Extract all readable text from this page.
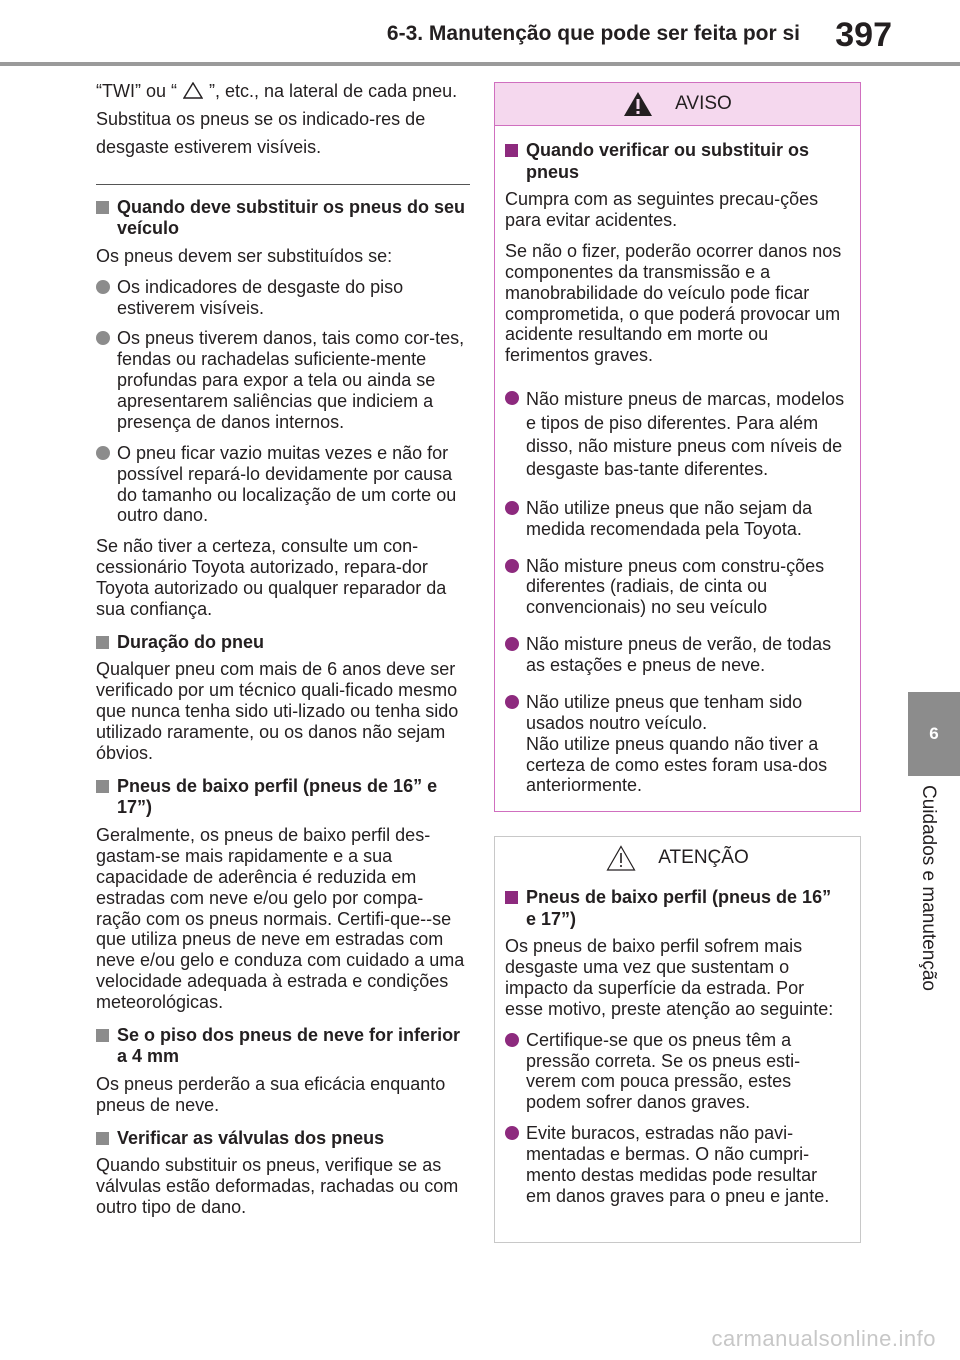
6-3. Manutenção que pode ser feita por si 397
6
Cuidados e manutenção

“TWI” ou “ ”, etc., na lateral de cada pneu. Substitua os pneus se os indicado-res de desgaste estiverem visíveis.

Quando deve substituir os pneus do seu veículo

Os pneus devem ser substituídos se:

Os indicadores de desgaste do piso estiverem visíveis.
Os pneus tiverem danos, tais como cor-tes, fendas ou rachadelas suficiente-mente profundas para expor a tela ou ainda se apresentarem saliências que indiciem a presença de danos internos.
O pneu ficar vazio muitas vezes e não for possível repará-lo devidamente por causa do tamanho ou localização de um corte ou outro dano.

Se não tiver a certeza, consulte um con-cessionário Toyota autorizado, repara-dor Toyota autorizado ou qualquer reparador da sua confiança.

Duração do pneu

Qualquer pneu com mais de 6 anos deve ser verificado por um técnico quali-ficado mesmo que nunca tenha sido uti-lizado ou tenha sido utilizado raramente, ou os danos não sejam óbvios.

Pneus de baixo perfil (pneus de 16” e 17”)

Geralmente, os pneus de baixo perfil des-gastam-se mais rapidamente e a sua capacidade de aderência é reduzida em estradas com neve e/ou gelo por compa-ração com os pneus normais. Certifi-que--se que utiliza pneus de neve em estradas com neve e/ou gelo e conduza com cuidado a uma velocidade adequada à estrada e condições meteorológicas.

Se o piso dos pneus de neve for inferior a 4 mm

Os pneus perderão a sua eficácia enquanto pneus de neve.

Verificar as válvulas dos pneus

Quando substituir os pneus, verifique se as válvulas estão deformadas, rachadas ou com outro tipo de dano.

AVISO
Quando verificar ou substituir os pneus

Cumpra com as seguintes precau-ções para evitar acidentes.

Se não o fizer, poderão ocorrer danos nos componentes da transmissão e a manobrabilidade do veículo pode ficar comprometida, o que poderá provocar um acidente resultando em morte ou ferimentos graves.

Não misture pneus de marcas, modelos e tipos de piso diferentes. Para além disso, não misture pneus com níveis de desgaste bas-tante diferentes.
Não utilize pneus que não sejam da medida recomendada pela Toyota.
Não misture pneus com constru-ções diferentes (radiais, de cinta ou convencionais) no seu veículo
Não misture pneus de verão, de todas as estações e pneus de neve.
Não utilize pneus que tenham sido usados noutro veículo.
Não utilize pneus quando não tiver a certeza de como estes foram usa-dos anteriormente.
ATENÇÃO
Pneus de baixo perfil (pneus de 16” e 17”)

Os pneus de baixo perfil sofrem mais desgaste uma vez que sustentam o impacto da superfície da estrada. Por esse motivo, preste atenção ao seguinte:

Certifique-se que os pneus têm a pressão correta. Se os pneus esti-verem com pouca pressão, estes podem sofrer danos graves.
Evite buracos, estradas não pavi-mentadas e bermas. O não cumpri-mento destas medidas pode resultar em danos graves para o pneu e jante.
carmanualsonline.info
